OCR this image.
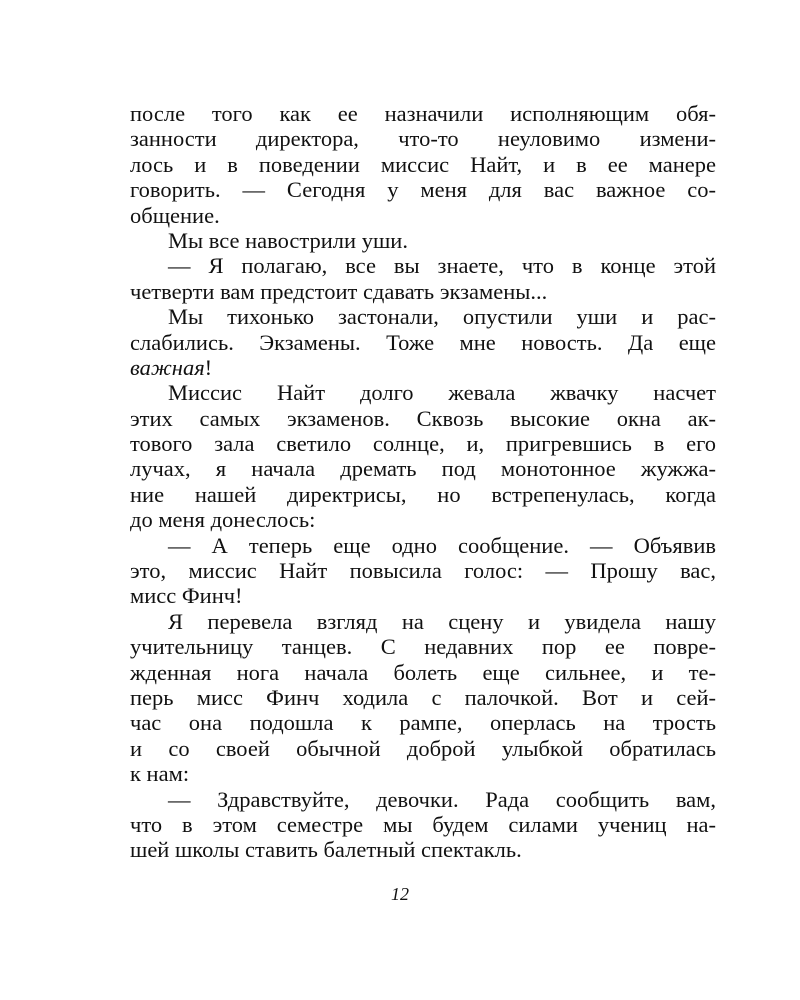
после того как ее назначили исполняющим обя-
занности директора, что-то неуловимо измени-
лось и в поведении миссис Найт, и в ее манере
говорить. — Сегодня у меня для вас важное со-
общение.
Мы все навострили уши.
— Я полагаю, все вы знаете, что в конце этой
четверти вам предстоит сдавать экзамены...
Мы тихонько застонали, опустили уши и рас-
слабились. Экзамены. Тоже мне новость. Да еще
важная!
Миссис Найт долго жевала жвачку насчет
этих самых экзаменов. Сквозь высокие окна ак-
тового зала светило солнце, и, пригревшись в его
лучах, я начала дремать под монотонное жужжа-
ние нашей директрисы, но встрепенулась, когда
до меня донеслось:
— А теперь еще одно сообщение. — Объявив
это, миссис Найт повысила голос: — Прошу вас,
мисс Финч!
Я перевела взгляд на сцену и увидела нашу
учительницу танцев. С недавних пор ее повре-
жденная нога начала болеть еще сильнее, и те-
перь мисс Финч ходила с палочкой. Вот и сей-
час она подошла к рампе, оперлась на трость
и со своей обычной доброй улыбкой обратилась
к нам:
— Здравствуйте, девочки. Рада сообщить вам,
что в этом семестре мы будем силами учениц на-
шей школы ставить балетный спектакль.
12
